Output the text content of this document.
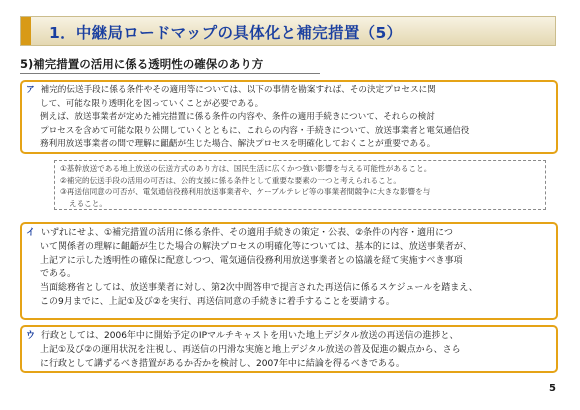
1．中継局ロードマップの具体化と補完措置（5）
5)補完措置の活用に係る透明性の確保のあり方

ア 補完的伝送手段に係る条件やその適用等については、以下の事情を勘案すれば、その決定プロセスに関

して、可能な限り透明化を図っていくことが必要である。
例えば、放送事業者が定めた補完措置に係る条件の内容や、条件の適用手続きについて、それらの検討
プロセスを含めて可能な限り公開していくとともに、これらの内容・手続きについて、放送事業者と電気通信役
務利用放送事業者の間で理解に齟齬が生じた場合、解決プロセスを明確化しておくことが重要である。

①基幹放送である地上放送の伝送方式のあり方は、国民生活に広くかつ強い影響を与える可能性があること。
②補完的伝送手段の活用の可否は、公的支援に係る条件として重要な要素の一つと考えられること。
③再送信同意の可否が、電気通信役務利用放送事業者や、ケーブルテレビ等の事業者間競争に大きな影響を与
えること。

イ いずれにせよ、①補完措置の活用に係る条件、その適用手続きの策定・公表、②条件の内容・適用につ

いて関係者の理解に齟齬が生じた場合の解決プロセスの明確化等については、基本的には、放送事業者が、
上記アに示した透明性の確保に配意しつつ、電気通信役務利用放送事業者との協議を経て実施すべき事項
である。
当面総務省としては、放送事業者に対し、第2次中間答申で提言された再送信に係るスケジュールを踏まえ、
この9月までに、上記①及び②を実行、再送信同意の手続きに着手することを要請する。

ウ 行政としては、2006年中に開始予定のIPマルチキャストを用いた地上デジタル放送の再送信の進捗と、

上記①及び②の運用状況を注視し、再送信の円滑な実施と地上デジタル放送の普及促進の観点から、さら
に行政として講ずるべき措置があるか否かを検討し、2007年中に結論を得るべきである。

5
